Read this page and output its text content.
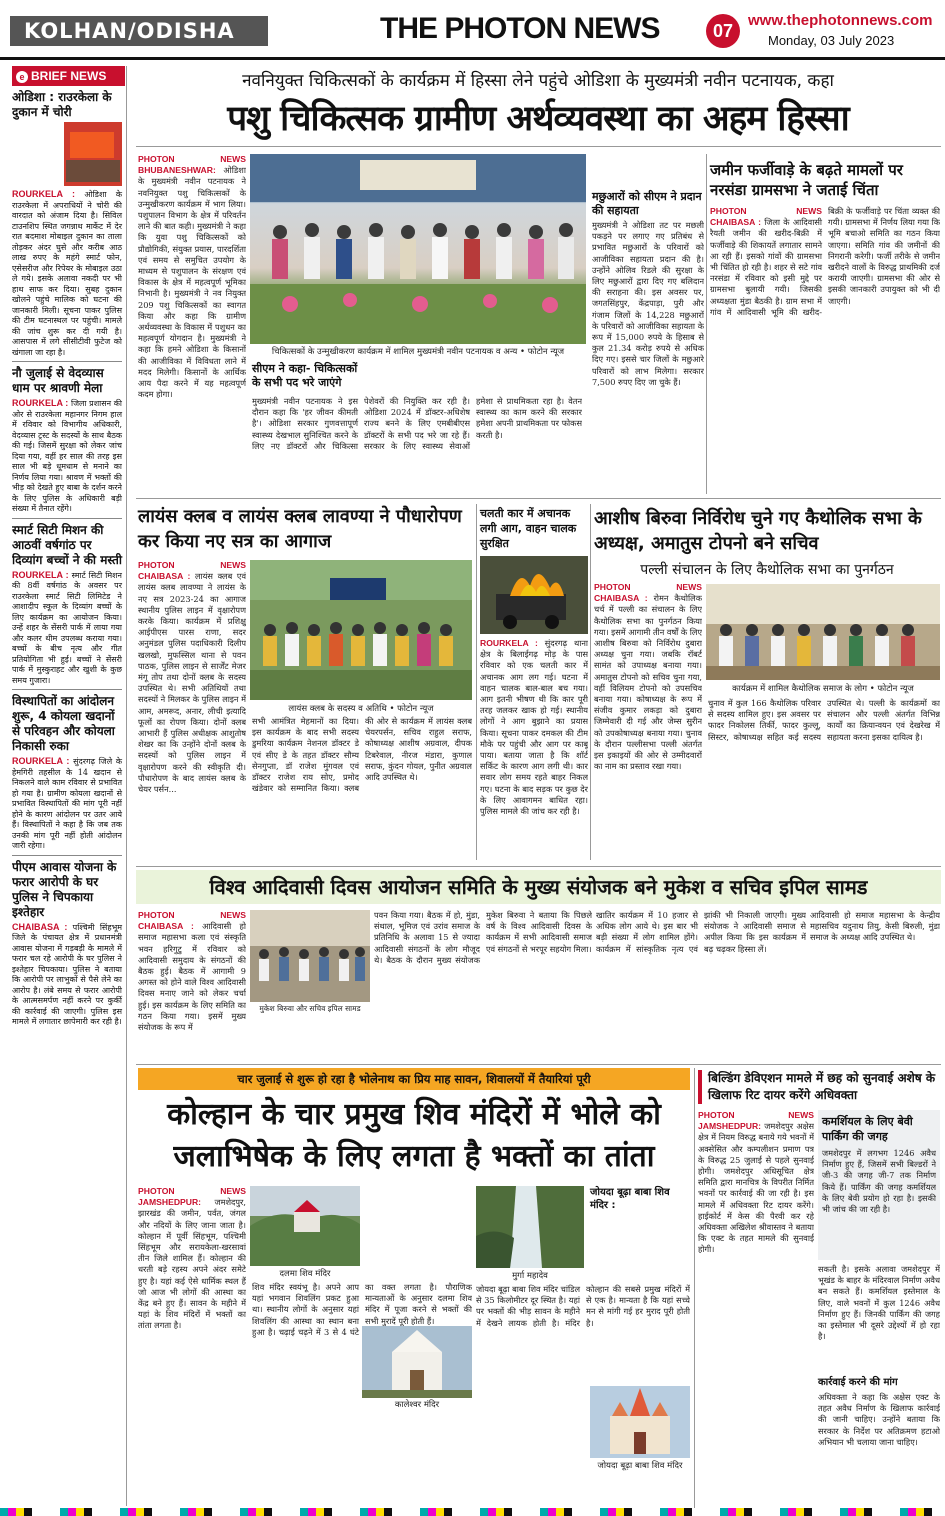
KOLHAN/ODISHA	THE PHOTON NEWS	07
www.thephotonnews.com
Monday, 03 July 2023
e BRIEF NEWS
ओडिशा : राउरकेला के दुकान में चोरी

ROURKELA : ओडिशा के राउरकेला में अपराधियों ने चोरी की वारदात को अंजाम दिया है। सिविल टाउनशिप स्थित जगन्नाथ मार्केट में देर रात बदमाश मोबाइल दुकान का ताला तोड़कर अंदर घुसे और करीब आठ लाख रुपए के महंगे स्मार्ट फोन, एसेसरीज और रिपेयर के मोबाइल उठा ले गये। इसके अलावा नकदी पर भी हाथ साफ कर दिया। सुबह दुकान खोलने पहुंचे मालिक को घटना की जानकारी मिली। सूचना पाकर पुलिस की टीम घटनास्थल पर पहुंची। मामले की जांच शुरू कर दी गयी है। आसपास में लगे सीसीटीवी फुटेज को खंगाला जा रहा है।

नौ जुलाई से वेदव्यास धाम पर श्रावणी मेला

ROURKELA : जिला प्रशासन की ओर से राउरकेला महानगर निगम हाल में रविवार को विभागीय अधिकारी, वेदव्यास ट्रस्ट के सदस्यों के साथ बैठक की गई। जिसमें सुरक्षा को लेकर जांच दिया गया, वहीं हर साल की तरह इस साल भी बड़े धूमधाम से मनाने का निर्णय लिया गया। श्रावण में भक्तों की भीड़ को देखते हुए बाबा के दर्शन करने के लिए पुलिस के अधिकारी बड़ी संख्या में तैनात रहेंगे।

स्मार्ट सिटी मिशन की आठवीं वर्षगांठ पर दिव्यांग बच्चों ने की मस्ती

ROURKELA : स्मार्ट सिटी मिशन की 8वीं वर्षगांठ के अवसर पर राउरकेला स्मार्ट सिटी लिमिटेड ने आशादीप स्कूल के दिव्यांग बच्चों के लिए कार्यक्रम का आयोजन किया। उन्हें शहर के सेंसरी पार्क में लाया गया और कलर थीम उपलब्ध कराया गया। बच्चों के बीच नृत्य और गीत प्रतियोगिता भी हुई। बच्चों ने सेंसरी पार्क में मुस्कुराहट और खुशी के कुछ समय गुजारा।

विस्थापितों का आंदोलन शुरू, 4 कोयला खदानों से परिवहन और कोयला निकासी रुका

ROURKELA : सुंदरगढ़ जिले के हेमगिरी तहसील के 14 खदान से निकलने वाले काम रविवार से प्रभावित हो गया है। ग्रामीण कोयला खदानों से प्रभावित विस्थापितों की मांग पूरी नहीं होने के कारण आंदोलन पर उतर आये हैं। विस्थापितों ने कहा है कि जब तक उनकी मांग पूरी नहीं होती आंदोलन जारी रहेगा।

पीएम आवास योजना के फरार आरोपी के घर पुलिस ने चिपकाया इश्तेहार

CHAIBASA : पश्चिमी सिंहभूम जिले के पंचायत क्षेत्र में प्रधानमंत्री आवास योजना में गड़बड़ी के मामले में फरार चल रहे आरोपी के घर पुलिस ने इश्तेहार चिपकाया। पुलिस ने बताया कि आरोपी पर लाभुकों से पैसे लेने का आरोप है। लंबे समय से फरार आरोपी के आत्मसमर्पण नहीं करने पर कुर्की की कार्रवाई की जाएगी। पुलिस इस मामले में लगातार छापेमारी कर रही है।

नवनियुक्त चिकित्सकों के कार्यक्रम में हिस्सा लेने पहुंचे ओडिशा के मुख्यमंत्री नवीन पटनायक, कहा
पशु चिकित्सक ग्रामीण अर्थव्यवस्था का अहम हिस्सा
PHOTON NEWS BHUBANESHWAR: ओडिशा के मुख्यमंत्री नवीन पटनायक ने नवनियुक्त पशु चिकित्सकों के उन्मुखीकरण कार्यक्रम में भाग लिया। पशुपालन विभाग के क्षेत्र में परिवर्तन लाने की बात कही। मुख्यमंत्री ने कहा कि युवा पशु चिकित्सकों को प्रौद्योगिकी, संयुक्त प्रयास, पारदर्शिता एवं समय से समुचित उपयोग के माध्यम से पशुपालन के संरक्षण एवं विकास के क्षेत्र में महत्वपूर्ण भूमिका निभानी है। मुख्यमंत्री ने नव नियुक्त 209 पशु चिकित्सकों का स्वागत किया और कहा कि ग्रामीण अर्थव्यवस्था के विकास में पशुधन का महत्वपूर्ण योगदान है। मुख्यमंत्री ने कहा कि हमने ओडिशा के किसानों की आजीविका में विविधता लाने में मदद मिलेगी। किसानों के आर्थिक आय पैदा करने में यह महत्वपूर्ण कदम होगा।
चिकित्सकों के उन्मुखीकरण कार्यक्रम में शामिल मुख्यमंत्री नवीन पटनायक व अन्य • फोटोन न्यूज
सीएम ने कहा- चिकित्सकों के सभी पद भरे जाएंगे
मुख्यमंत्री नवीन पटनायक ने इस दौरान कहा कि 'हर जीवन कीमती है'। ओडिशा सरकार गुणवत्तापूर्ण स्वास्थ्य देखभाल सुनिश्चित करने के लिए नए डॉक्टरों और चिकित्सा पेशेवरों की नियुक्ति कर रही है। ओडिशा 2024 में डॉक्टर-अधिशेष राज्य बनने के लिए एमबीबीएस डॉक्टरों के सभी पद भरे जा रहे हैं। सरकार के लिए स्वास्थ्य सेवाओं हमेशा से प्राथमिकता रहा है। वेतन स्वास्थ्य का काम करने की सरकार हमेशा अपनी प्राथमिकता पर फोकस करती है।
मछुआरों को सीएम ने प्रदान की सहायता
मुख्यमंत्री ने ओडिशा तट पर मछली पकड़ने पर लगाए गए प्रतिबंध से प्रभावित मछुआरों के परिवारों को आजीविका सहायता प्रदान की है। उन्होंने ओलिव रिडले की सुरक्षा के लिए मछुआरों द्वारा दिए गए बलिदान की सराहना की। इस अवसर पर, जगतसिंहपुर, केंद्रपाड़ा, पुरी और गंजाम जिलों के 14,228 मछुआरों के परिवारों को आजीविका सहायता के रूप में 15,000 रुपये के हिसाब से कुल 21.34 करोड़ रुपये से अधिक दिए गए। इससे चार जिलों के मछुआरे परिवारों को लाभ मिलेगा। सरकार 7,500 रुपए दिए जा चुके हैं।
जमीन फर्जीवाड़े के बढ़ते मामलों पर नरसंडा ग्रामसभा ने जताई चिंता
PHOTON NEWS CHAIBASA : जिला के आदिवासी रैयती जमीन की खरीद-बिक्री में फर्जीवाड़े की शिकायतें लगातार सामने आ रही हैं। इसको गांवों की ग्रामसभा भी चिंतित हो रही है। शहर से सटे गांव नरसंडा में रविवार को इसी मुद्दे पर ग्रामसभा बुलायी गयी। जिसकी अध्यक्षता मुंडा बैठकी है। ग्राम सभा में गांव में आदिवासी भूमि की खरीद-बिक्री के फर्जीवाड़े पर चिंता व्यक्त की गयी। ग्रामसभा में निर्णय लिया गया कि भूमि बचाओ समिति का गठन किया जाएगा। समिति गांव की जमीनों की निगरानी करेगी। फर्जी तरीके से जमीन खरीदने वालों के विरुद्ध प्राथमिकी दर्ज करायी जाएगी। ग्रामसभा की ओर से इसकी जानकारी उपायुक्त को भी दी जाएगी।
लायंस क्लब व लायंस क्लब लावण्या ने पौधारोपण कर किया नए सत्र का आगाज
PHOTON NEWS CHAIBASA : लायंस क्लब एवं लायंस क्लब लावण्या ने लायंस के नए सत्र 2023-24 का आगाज स्थानीय पुलिस लाइन में वृक्षारोपण करके किया। कार्यक्रम में प्रशिक्षु आईपीएस पारस राणा, सदर अनुमंडल पुलिस पदाधिकारी दिलीप खलखो, मुफस्सिल थाना से पवन पाठक, पुलिस लाइन से सार्जेंट मेजर मंगू तोप तथा दोनों क्लब के सदस्य उपस्थित थे। सभी अतिथियों तथा सदस्यों ने मिलकर के पुलिस लाइन में आम, अमरूद, अनार, लीची इत्यादि फूलों का रोपण किया। दोनों क्लब आभारी हैं पुलिस अधीक्षक आशुतोष शेखर का कि उन्होंने दोनों क्लब के सदस्यों को पुलिस लाइन में वृक्षारोपण करने की स्वीकृति दी। पौधारोपण के बाद लायंस क्लब के चेयर पर्सन...
लायंस क्लब के सदस्य व अतिथि • फोटोन न्यूज
सभी आमंत्रित मेहमानों का दिया। इस कार्यक्रम के बाद सभी सदस्य डुमरिया कार्यक्रम नेशनल डॉक्टर डे एवं सीए डे के तहत डॉक्टर सौम्य सेनगुप्ता, डॉ राजेश मुंगवल एवं डॉक्टर राजेश राय सोए, प्रमोद खंडेवार को सम्मानित किया। क्लब की ओर से कार्यक्रम में लायंस क्लब चेयरपर्सन, सचिव राहुल सराफ, कोषाध्यक्ष आशीष अग्रवाल, दीपक टिबरेवाल, नीरज मंडारा, कुणाल सराफ, कुंदन गोयल, पुनीत अग्रवाल आदि उपस्थित थे।
चलती कार में अचानक लगी आग, वाहन चालक सुरक्षित
ROURKELA : सुंदरगढ़ थाना क्षेत्र के बिलाईगढ़ मोड़ के पास रविवार को एक चलती कार में अचानक आग लग गई। घटना में वाहन चालक बाल-बाल बच गया। आग इतनी भीषण थी कि कार पूरी तरह जलकर खाक हो गई। स्थानीय लोगों ने आग बुझाने का प्रयास किया। सूचना पाकर दमकल की टीम मौके पर पहुंची और आग पर काबू पाया। बताया जाता है कि शॉर्ट सर्किट के कारण आग लगी थी। कार सवार लोग समय रहते बाहर निकल गए। घटना के बाद सड़क पर कुछ देर के लिए आवागमन बाधित रहा। पुलिस मामले की जांच कर रही है।
आशीष बिरुवा निर्विरोध चुने गए कैथोलिक सभा के अध्यक्ष, अमातुस टोपनो बने सचिव
पल्ली संचालन के लिए कैथोलिक सभा का पुनर्गठन
PHOTON NEWS CHAIBASA : रोमन कैथोलिक चर्च में पल्ली का संचालन के लिए कैथोलिक सभा का पुनर्गठन किया गया। इसमें आगामी तीन वर्षों के लिए आशीष बिरुवा को निर्विरोध दुबारा अध्यक्ष चुना गया। जबकि रॉबर्ट सामंत को उपाध्यक्ष बनाया गया। अमातुस टोपनो को सचिव चुना गया, वहीं विलियम टोपनो को उपसचिव बनाया गया। कोषाध्यक्ष के रूप में संजीव कुमार लकड़ा को दुबारा जिम्मेवारी दी गई और जेम्स सुरीन को उपकोषाध्यक्ष बनाया गया। चुनाव के दौरान पल्लीसभा पल्ली अंतर्गत इस इकाइयों की ओर से उम्मीदवारों का नाम का प्रस्ताव रखा गया।
कार्यक्रम में शामिल कैथोलिक समाज के लोग • फोटोन न्यूज
चुनाव में कुल 166 कैथोलिक परिवार से सदस्य शामिल हुए। इस अवसर पर फादर निकोलस तिर्की, फादर कुल्लू, सिस्टर, कोषाध्यक्ष सहित कई सदस्य उपस्थित थे। पल्ली के कार्यक्रमों का संचालन और पल्ली अंतर्गत विभिन्न कार्यों का क्रियान्वयन एवं देखरेख में सहायता करना इसका दायित्व है।
विश्व आदिवासी दिवस आयोजन समिति के मुख्य संयोजक बने मुकेश व सचिव इपिल सामड
PHOTON NEWS CHAIBASA : आदिवासी हो समाज महासभा कला एवं संस्कृति भवन हरिगुटु में रविवार को आदिवासी समुदाय के संगठनों की बैठक हुई। बैठक में आगामी 9 अगस्त को होने वाले विश्व आदिवासी दिवस मनाए जाने को लेकर चर्चा हुई। इस कार्यक्रम के लिए समिति का गठन किया गया। इसमें मुख्य संयोजक के रूप में
मुकेश बिरुवा और सचिव इपिल सामड
पवन किया गया। बैठक में हो, मुंडा, संथाल, भूमिज एवं उरांव समाज के प्रतिनिधि के अलावा 15 से ज्यादा आदिवासी संगठनों के लोग मौजूद थे। बैठक के दौरान मुख्य संयोजक मुकेश बिरुवा ने बताया कि पिछले वर्ष के विश्व आदिवासी दिवस के कार्यक्रम में सभी आदिवासी समाज एवं संगठनों से भरपूर सहयोग मिला।
खातिर कार्यक्रम में 10 हजार से अधिक लोग आये थे। इस बार भी बड़ी संख्या में लोग शामिल होंगे। कार्यक्रम में सांस्कृतिक नृत्य एवं झांकी भी निकाली जाएगी। मुख्य संयोजक ने आदिवासी समाज से अपील किया कि इस कार्यक्रम में बढ़ चढ़कर हिस्सा लें।
आदिवासी हो समाज महासभा के केन्द्रीय महासचिव यदुनाथ तियु, केसी बिरुली, मुंडा समाज के अध्यक्ष आदि उपस्थित थे।
चार जुलाई से शुरू हो रहा है भोलेनाथ का प्रिय माह सावन, शिवालयों में तैयारियां पूरी
कोल्हान के चार प्रमुख शिव मंदिरों में भोले को जलाभिषेक के लिए लगता है भक्तों का तांता
PHOTON NEWS JAMSHEDPUR: जमशेदपुर, झारखंड की जमीन, पर्वत, जंगल और नदियों के लिए जाना जाता है। कोल्हान में पूर्वी सिंहभूम, पश्चिमी सिंहभूम और सरायकेला-खरसावां तीन जिले शामिल हैं। कोल्हान की धरती बड़े रहस्य अपने अंदर समेटे हुए है। यहां कई ऐसे धार्मिक स्थल हैं जो आज भी लोगों की आस्था का केंद्र बने हुए हैं। सावन के महीने में यहां के शिव मंदिरों में भक्तों का तांता लगता है।
दलमा शिव मंदिर
शिव मंदिर स्वयंभू है। अपने आप यहां भगवान शिवलिंग प्रकट हुआ था। स्थानीय लोगों के अनुसार यहां शिवलिंग की आस्था का स्थान बना हुआ है। चढ़ाई चढ़ने में 3 से 4 घंटे का वक्त लगता है। पौराणिक मान्यताओं के अनुसार दलमा शिव मंदिर में पूजा करने से भक्तों की सभी मुरादें पूरी होती हैं।
मुर्गा महादेव
कालेश्वर मंदिर
जोयदा बूढ़ा बाबा शिव मंदिर :
जोयदा बूढ़ा बाबा शिव मंदिर चांडिल से 35 किलोमीटर दूर स्थित है। यहां पर भक्तों की भीड़ सावन के महीने में देखने लायक होती है। मंदिर कोल्हान की सबसे प्रमुख मंदिरों में से एक है। मान्यता है कि यहां सच्चे मन से मांगी गई हर मुराद पूरी होती है।
जोयदा बूढ़ा बाबा शिव मंदिर
बिल्डिंग डेविएशन मामले में छह को सुनवाई अशेष के खिलाफ रिट दायर करेंगे अधिवक्ता
PHOTON NEWS JAMSHEDPUR: जमशेदपुर अक्षेस क्षेत्र में नियम विरुद्ध बनाये गये भवनों में अक्सेसित और कम्पलीशन प्रमाण पत्र के विरुद्ध 25 जुलाई से पहले सुनवाई होगी। जमशेदपुर अधिसूचित क्षेत्र समिति द्वारा मानचित्र के विपरीत निर्मित भवनों पर कार्रवाई की जा रही है। इस मामले में अधिवक्ता रिट दायर करेंगे। हाईकोर्ट में केस की पैरवी कर रहे अधिवक्ता अखिलेश श्रीवास्तव ने बताया कि एक्ट के तहत मामले की सुनवाई होगी।
कमर्शियल के लिए बेवी पार्किंग की जगह
जमशेदपुर में लगभग 1246 अवैध निर्माण हुए हैं, जिसमें सभी बिल्डरों ने जी-3 की जगह जी-7 तक निर्माण किये हैं। पार्किंग की जगह कमर्शियल के लिए बेवी प्रयोग हो रहा है। इसकी भी जांच की जा रही है।
सकती है। इसके अलावा जमशेदपुर में भूखंड के बाहर के मंदिरवाल निर्माण अवैध बन सकते हैं। कमर्शियल इस्तेमाल के लिए, वाले भवनों में कुल 1246 अवैध निर्माण हुए हैं। जिनकी पार्किंग की जगह का इस्तेमाल भी दूसरे उद्देश्यों में हो रहा है।
कार्रवाई करने की मांग
अधिवक्ता ने कहा कि अक्षेस एक्ट के तहत अवैध निर्माण के खिलाफ कार्रवाई की जानी चाहिए। उन्होंने बताया कि सरकार के निर्देश पर अतिक्रमण हटाओ अभियान भी चलाया जाना चाहिए।
